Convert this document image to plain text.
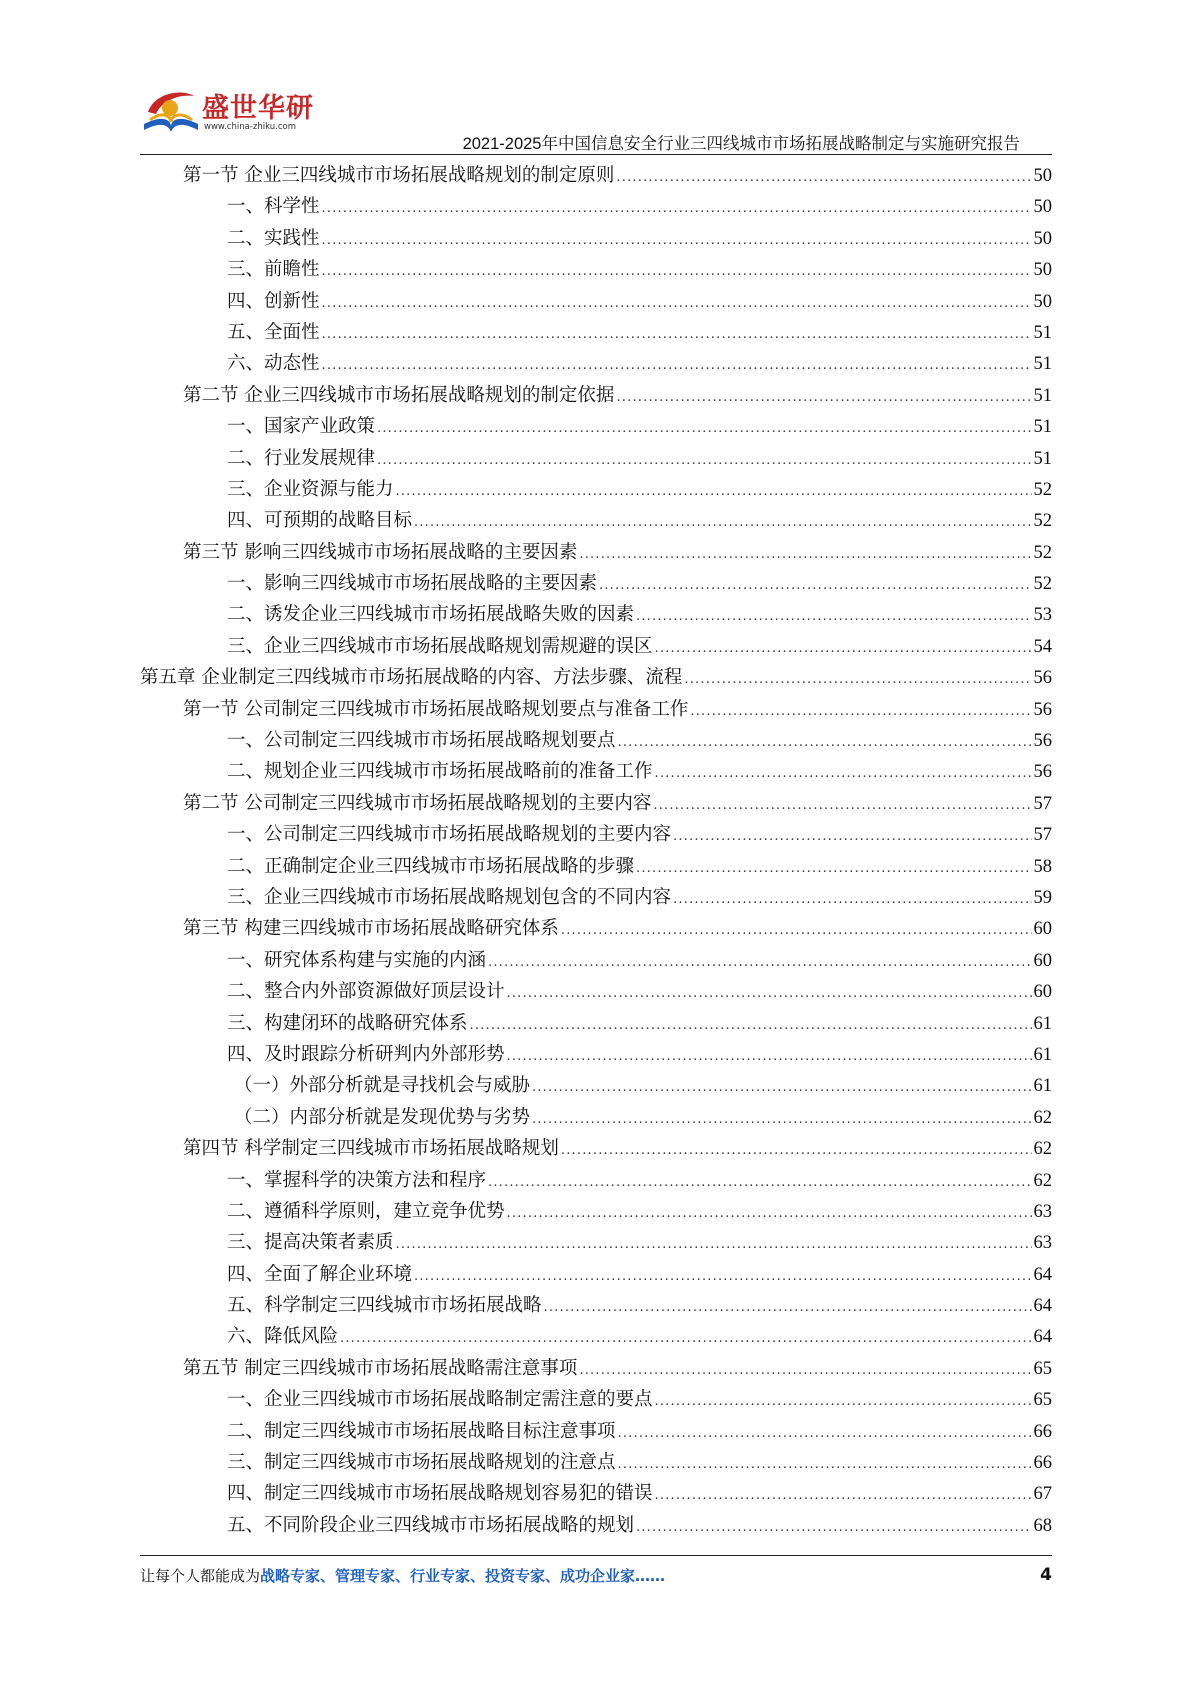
盛世华研
www.china-zhiku.com
2021-2025年中国信息安全行业三四线城市市场拓展战略制定与实施研究报告
第一节 企业三四线城市市场拓展战略规划的制定原则 .....	50
一、科学性 .....	50
二、实践性 .....	50
三、前瞻性 .....	50
四、创新性 .....	50
五、全面性 .....	51
六、动态性 .....	51
第二节 企业三四线城市市场拓展战略规划的制定依据 .....	51
一、国家产业政策 .....	51
二、行业发展规律 .....	51
三、企业资源与能力 .....	52
四、可预期的战略目标 .....	52
第三节 影响三四线城市市场拓展战略的主要因素 .....	52
一、影响三四线城市市场拓展战略的主要因素 .....	52
二、诱发企业三四线城市市场拓展战略失败的因素 .....	53
三、企业三四线城市市场拓展战略规划需规避的误区 .....	54
第五章 企业制定三四线城市市场拓展战略的内容、方法步骤、流程 .....	56
第一节 公司制定三四线城市市场拓展战略规划要点与准备工作 .....	56
一、公司制定三四线城市市场拓展战略规划要点 .....	56
二、规划企业三四线城市市场拓展战略前的准备工作 .....	56
第二节 公司制定三四线城市市场拓展战略规划的主要内容 .....	57
一、公司制定三四线城市市场拓展战略规划的主要内容 .....	57
二、正确制定企业三四线城市市场拓展战略的步骤 .....	58
三、企业三四线城市市场拓展战略规划包含的不同内容 .....	59
第三节 构建三四线城市市场拓展战略研究体系 .....	60
一、研究体系构建与实施的内涵 .....	60
二、整合内外部资源做好顶层设计 .....	60
三、构建闭环的战略研究体系 .....	61
四、及时跟踪分析研判内外部形势 .....	61
（一）外部分析就是寻找机会与威胁 .....	61
（二）内部分析就是发现优势与劣势 .....	62
第四节 科学制定三四线城市市场拓展战略规划 .....	62
一、掌握科学的决策方法和程序 .....	62
二、遵循科学原则，建立竞争优势 .....	63
三、提高决策者素质 .....	63
四、全面了解企业环境 .....	64
五、科学制定三四线城市市场拓展战略 .....	64
六、降低风险 .....	64
第五节 制定三四线城市市场拓展战略需注意事项 .....	65
一、企业三四线城市市场拓展战略制定需注意的要点 .....	65
二、制定三四线城市市场拓展战略目标注意事项 .....	66
三、制定三四线城市市场拓展战略规划的注意点 .....	66
四、制定三四线城市市场拓展战略规划容易犯的错误 .....	67
五、不同阶段企业三四线城市市场拓展战略的规划 .....	68
让每个人都能成为战略专家、管理专家、行业专家、投资专家、成功企业家……	4
